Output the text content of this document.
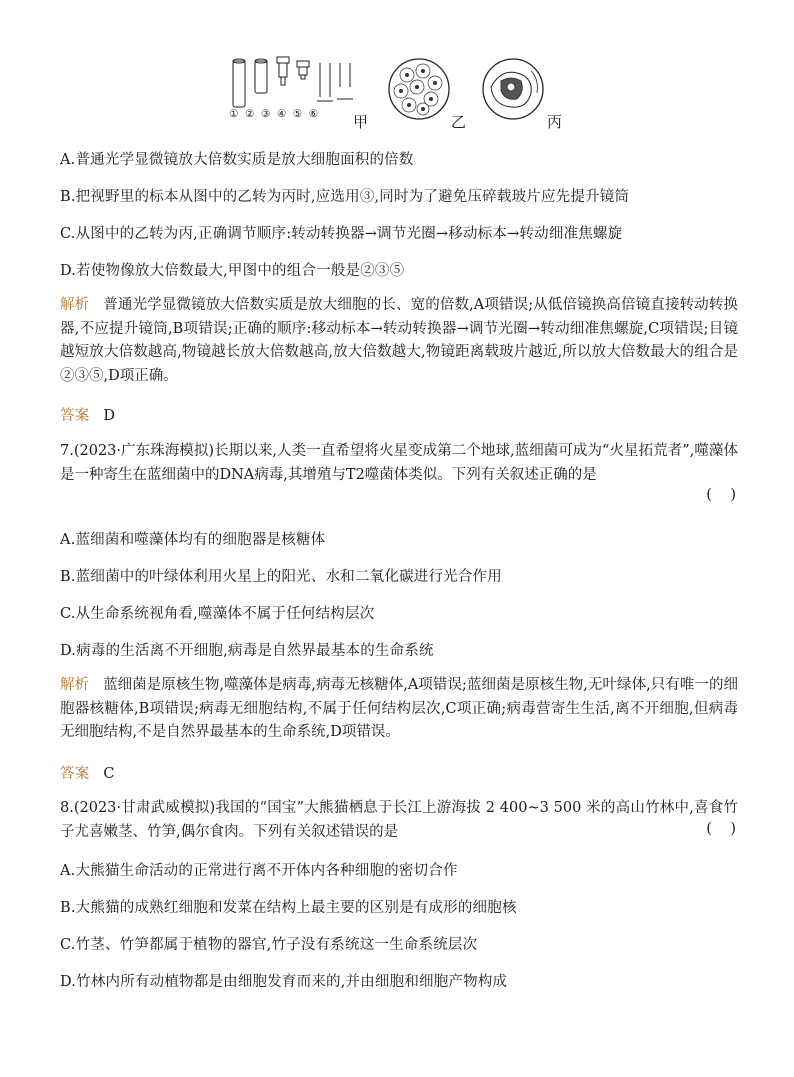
① ② ③ ④ ⑤ ⑥ 甲	乙	丙
A.普通光学显微镜放大倍数实质是放大细胞面积的倍数
B.把视野里的标本从图中的乙转为丙时,应选用③,同时为了避免压碎载玻片应先提升镜筒
C.从图中的乙转为丙,正确调节顺序:转动转换器→调节光圈→移动标本→转动细准焦螺旋
D.若使物像放大倍数最大,甲图中的组合一般是②③⑤
解析 普通光学显微镜放大倍数实质是放大细胞的长、宽的倍数,A项错误;从低倍镜换高倍镜直接转动转换器,不应提升镜筒,B项错误;正确的顺序:移动标本→转动转换器→调节光圈→转动细准焦螺旋,C项错误;目镜越短放大倍数越高,物镜越长放大倍数越高,放大倍数越大,物镜距离载玻片越近,所以放大倍数最大的组合是②③⑤,D项正确。
答案 D
7.(2023·广东珠海模拟)长期以来,人类一直希望将火星变成第二个地球,蓝细菌可成为“火星拓荒者”,噬藻体是一种寄生在蓝细菌中的DNA病毒,其增殖与T2噬菌体类似。下列有关叙述正确的是
(    )
A.蓝细菌和噬藻体均有的细胞器是核糖体
B.蓝细菌中的叶绿体利用火星上的阳光、水和二氧化碳进行光合作用
C.从生命系统视角看,噬藻体不属于任何结构层次
D.病毒的生活离不开细胞,病毒是自然界最基本的生命系统
解析 蓝细菌是原核生物,噬藻体是病毒,病毒无核糖体,A项错误;蓝细菌是原核生物,无叶绿体,只有唯一的细胞器核糖体,B项错误;病毒无细胞结构,不属于任何结构层次,C项正确;病毒营寄生生活,离不开细胞,但病毒无细胞结构,不是自然界最基本的生命系统,D项错误。
答案 C
8.(2023·甘肃武威模拟)我国的“国宝”大熊猫栖息于长江上游海拔 2 400~3 500 米的高山竹林中,喜食竹子尤喜嫩茎、竹笋,偶尔食肉。下列有关叙述错误的是	(    )
A.大熊猫生命活动的正常进行离不开体内各种细胞的密切合作
B.大熊猫的成熟红细胞和发菜在结构上最主要的区别是有成形的细胞核
C.竹茎、竹笋都属于植物的器官,竹子没有系统这一生命系统层次
D.竹林内所有动植物都是由细胞发育而来的,并由细胞和细胞产物构成
